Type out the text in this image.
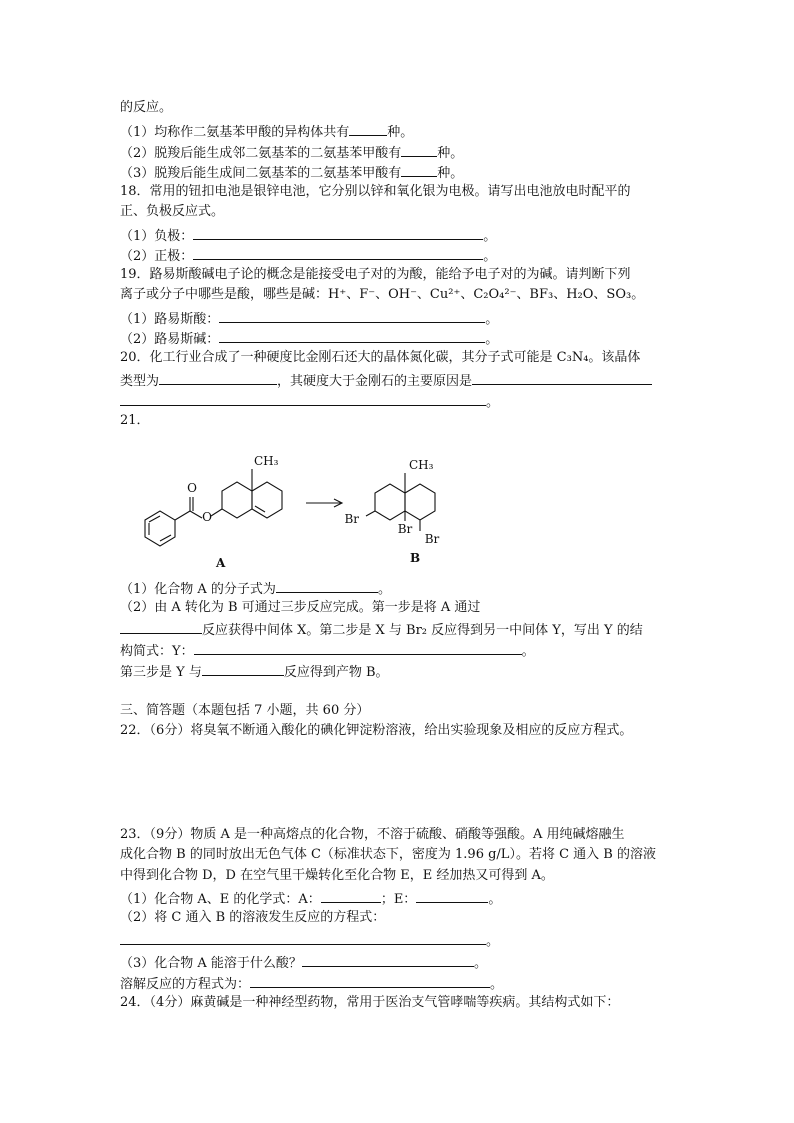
的反应。
（1）均称作二氨基苯甲酸的异构体共有	种。
（2）脱羧后能生成邻二氨基苯的二氨基苯甲酸有	种。
（3）脱羧后能生成间二氨基苯的二氨基苯甲酸有	种。
18．常用的钮扣电池是银锌电池，它分别以锌和氧化银为电极。请写出电池放电时配平的
正、负极反应式。
（1）负极：	。
（2）正极：	。
19．路易斯酸碱电子论的概念是能接受电子对的为酸，能给予电子对的为碱。请判断下列
离子或分子中哪些是酸，哪些是碱：H⁺、F⁻、OH⁻、Cu²⁺、C₂O₄²⁻、BF₃、H₂O、SO₃。
（1）路易斯酸：	。
（2）路易斯碱：	。
20．化工行业合成了一种硬度比金刚石还大的晶体氮化碳，其分子式可能是 C₃N₄。该晶体
类型为	，其硬度大于金刚石的主要原因是
。
21．
O
O
CH₃
A
CH₃
Br
Br
Br
B
（1）化合物 A 的分子式为	。
（2）由 A 转化为 B 可通过三步反应完成。第一步是将 A 通过
反应获得中间体 X。第二步是 X 与 Br₂ 反应得到另一中间体 Y，写出 Y 的结
构简式：Y：	。
第三步是 Y 与	反应得到产物 B。
三、简答题（本题包括 7 小题，共 60 分）
22．（6分）将臭氧不断通入酸化的碘化钾淀粉溶液，给出实验现象及相应的反应方程式。
23．（9分）物质 A 是一种高熔点的化合物，不溶于硫酸、硝酸等强酸。A 用纯碱熔融生
成化合物 B 的同时放出无色气体 C（标准状态下，密度为 1.96 g/L）。若将 C 通入 B 的溶液
中得到化合物 D，D 在空气里干燥转化至化合物 E，E 经加热又可得到 A。
（1）化合物 A、E 的化学式：A：	；E：	。
（2）将 C 通入 B 的溶液发生反应的方程式：
。
（3）化合物 A 能溶于什么酸？	。
溶解反应的方程式为：	。
24．（4分）麻黄碱是一种神经型药物，常用于医治支气管哮喘等疾病。其结构式如下：
